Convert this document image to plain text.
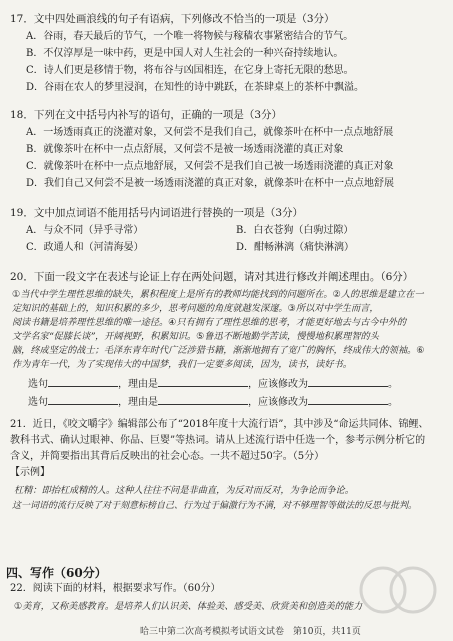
17．文中四处画浪线的句子有语病，下列修改不恰当的一项是（3分）
A．谷雨，春天最后的节气，一个唯一将物候与稼穑农事紧密结合的节气。
B．不仅淳厚是一味中药，更是中国人对人生社会的一种兴奋持续地认。
C．诗人们更是移情于物，将布谷与凶国相连，在它身上寄托无限的愁思。
D．谷雨在农人的梦里浸润，在知性的诗中跳跃，在茶肆桌上的茶杯中飘溢。
18．下列在文中括号内补写的语句，正确的一项是（3分）
A．一场透雨真正的浇灌对象，又何尝不是我们自己，就像茶叶在杯中一点点地舒展
B．就像茶叶在杯中一点点舒展，又何尝不是被一场透雨浇灌的真正对象
C．就像茶叶在杯中一点点地舒展，又何尝不是我们自己被一场透雨浇灌的真正对象
D．我们自己又何尝不是被一场透雨浇灌的真正对象，就像茶叶在杯中一点点地舒展
19．文中加点词语不能用括号内词语进行替换的一项是（3分）
A．与众不同（异乎寻常）	B．白衣苍狗（白驹过隙）
C．政通人和（河清海晏）	D．酣畅淋漓（痛快淋漓）
20．下面一段文字在表述与论证上存在两处问题，请对其进行修改并阐述理由。（6分）
①当代中学生理性思维的缺失，累积程度上是所有的教师均能找到的问题所在。②人的思维是建立在一
定知识的基础上的，知识积累的多少，思考问题的角度就越发深邃。③所以对中学生而言，
阅读书籍是培养理性思维的唯一途径。④只有拥有了理性思维的思考，才能更好地去与古今中外的
文学名家“促膝长谈”，开阔视野，积累知识。⑤鲁迅不断地勤学苦读，慢慢地积累理智的头
脑，终成坚定的战士；毛泽东青年时代广泛涉猎书籍，渐渐地拥有了宽广的胸怀，终成伟大的领袖。⑥
作为青年一代，为了实现伟大的中国梦，我们一定要多阅读，因为，读书，读好书。
选句	，理由是	，应该修改为	。
选句	，理由是	，应该修改为	。
21．近日，《咬文嚼字》编辑部公布了“2018年度十大流行语”，其中涉及“命运共同体、锦鲤、
教科书式、确认过眼神、你品、巨婴”等热词。请从上述流行语中任选一个，参考示例分析它的
含义，并简要指出其背后反映出的社会心态。一共不超过50字。（5分）
【示例】
杠精：即抬杠成精的人。这种人往往不问是非曲直，为反对而反对，为争论而争论。
这一词语的流行反映了对于刻意标榜自己、行为过于偏激行为不满，对不够理智等做法的反思与批判。
四、写作（60分）
22．阅读下面的材料，根据要求写作。（60分）
①美育，又称美感教育。是培养人们认识美、体验美、感受美、欣赏美和创造美的能力
哈三中第二次高考模拟考试语文试卷　第10页，共11页
